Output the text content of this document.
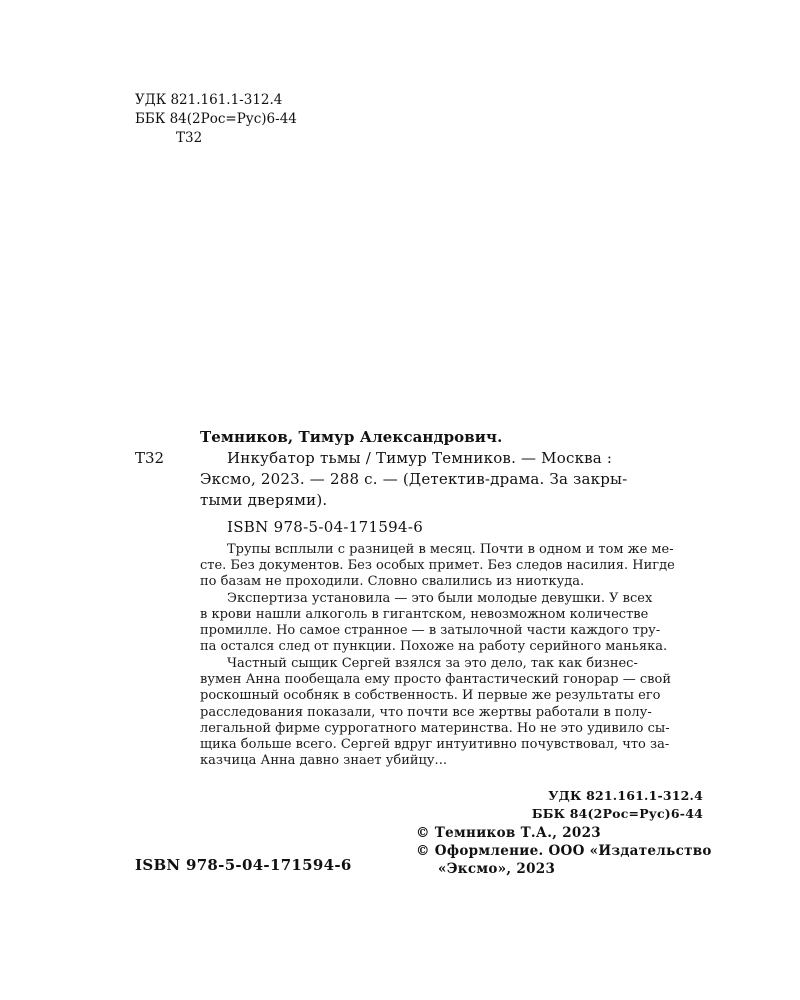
УДК 821.161.1-312.4
ББК 84(2Рос=Рус)6-44
Т32
Темников, Тимур Александрович.
Т32	Инкубатор тьмы / Тимур Темников. — Москва :
Эксмо, 2023. — 288 с. — (Детектив-драма. За закры-
тыми дверями).
ISBN 978-5-04-171594-6
Трупы всплыли с разницей в месяц. Почти в одном и том же ме-
сте. Без документов. Без особых примет. Без следов насилия. Нигде
по базам не проходили. Словно свалились из ниоткуда.
Экспертиза установила — это были молодые девушки. У всех
в крови нашли алкоголь в гигантском, невозможном количестве
промилле. Но самое странное — в затылочной части каждого тру-
па остался след от пункции. Похоже на работу серийного маньяка.
Частный сыщик Сергей взялся за это дело, так как бизнес-
вумен Анна пообещала ему просто фантастический гонорар — свой
роскошный особняк в собственность. И первые же результаты его
расследования показали, что почти все жертвы работали в полу-
легальной фирме суррогатного материнства. Но не это удивило сы-
щика больше всего. Сергей вдруг интуитивно почувствовал, что за-
казчица Анна давно знает убийцу...
УДК 821.161.1-312.4
ББК 84(2Рос=Рус)6-44
© Темников Т.А., 2023
© Оформление. ООО «Издательство
«Эксмо», 2023
ISBN 978-5-04-171594-6
